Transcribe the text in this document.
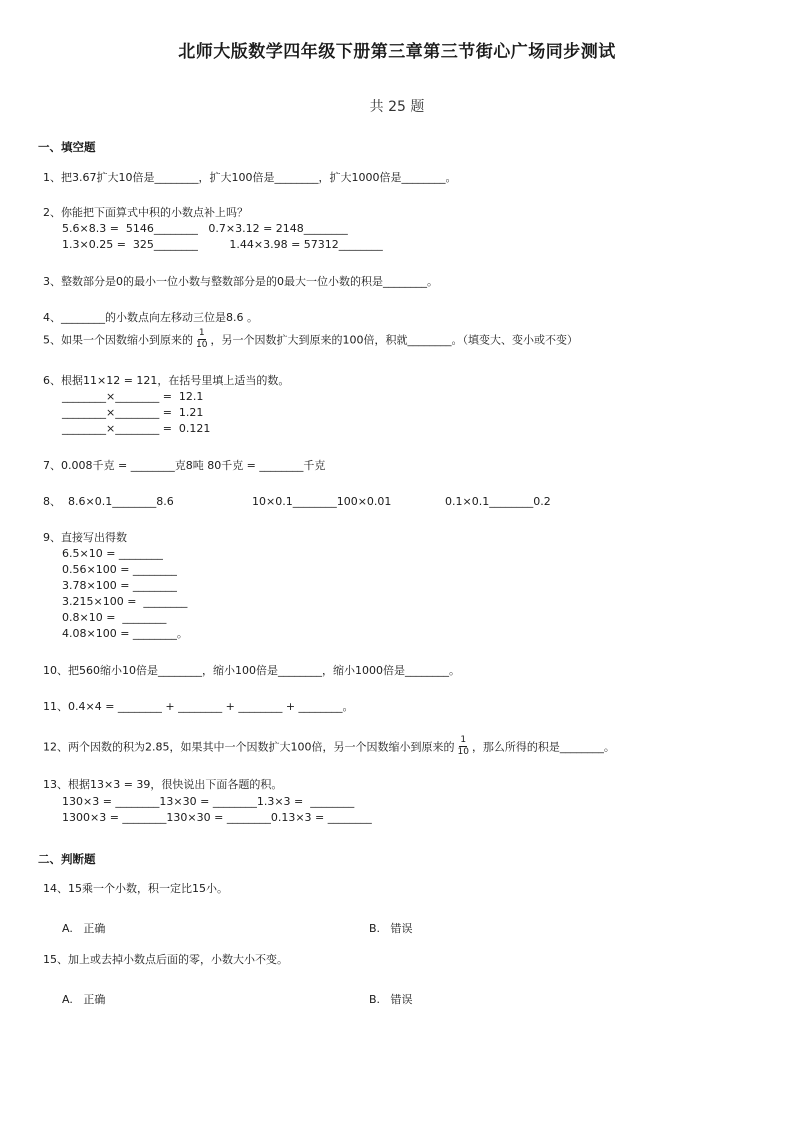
北师大版数学四年级下册第三章第三节街心广场同步测试
共 25 题
一、填空题
1、把3.67扩大10倍是________，扩大100倍是________，扩大1000倍是________。
2、你能把下面算式中积的小数点补上吗？
5.6×8.3 =  5146________   0.7×3.12 = 2148________
1.3×0.25 =  325________         1.44×3.98 = 57312________
3、整数部分是0的最小一位小数与整数部分是的0最大一位小数的积是________。
4、________的小数点向左移动三位是8.6 。
5、如果一个因数缩小到原来的 $\frac{1}{10}$ ，另一个因数扩大到原来的100倍，积就________。（填变大、变小或不变）
6、根据11×12 = 121，在括号里填上适当的数。
________×________ =  12.1
________×________ =  1.21
________×________ =  0.121
7、0.008千克 = ________克8吨 80千克 = ________千克
8、 8.6×0.1________8.6	10×0.1________100×0.01	0.1×0.1________0.2
9、直接写出得数
6.5×10 = ________
0.56×100 = ________
3.78×100 = ________
3.215×100 =  ________
0.8×10 =  ________
4.08×100 = ________。
10、把560缩小10倍是________，缩小100倍是________，缩小1000倍是________。
11、0.4×4 = ________ + ________ + ________ + ________。
12、两个因数的积为2.85，如果其中一个因数扩大100倍，另一个因数缩小到原来的 $\frac{1}{10}$ ，那么所得的积是________。
13、根据13×3 = 39，很快说出下面各题的积。
130×3 = ________13×30 = ________1.3×3 =  ________
1300×3 = ________130×30 = ________0.13×3 = ________
二、判断题
14、15乘一个小数，积一定比15小。
A.   正确	B.   错误
15、加上或去掉小数点后面的零，小数大小不变。
A.   正确	B.   错误
